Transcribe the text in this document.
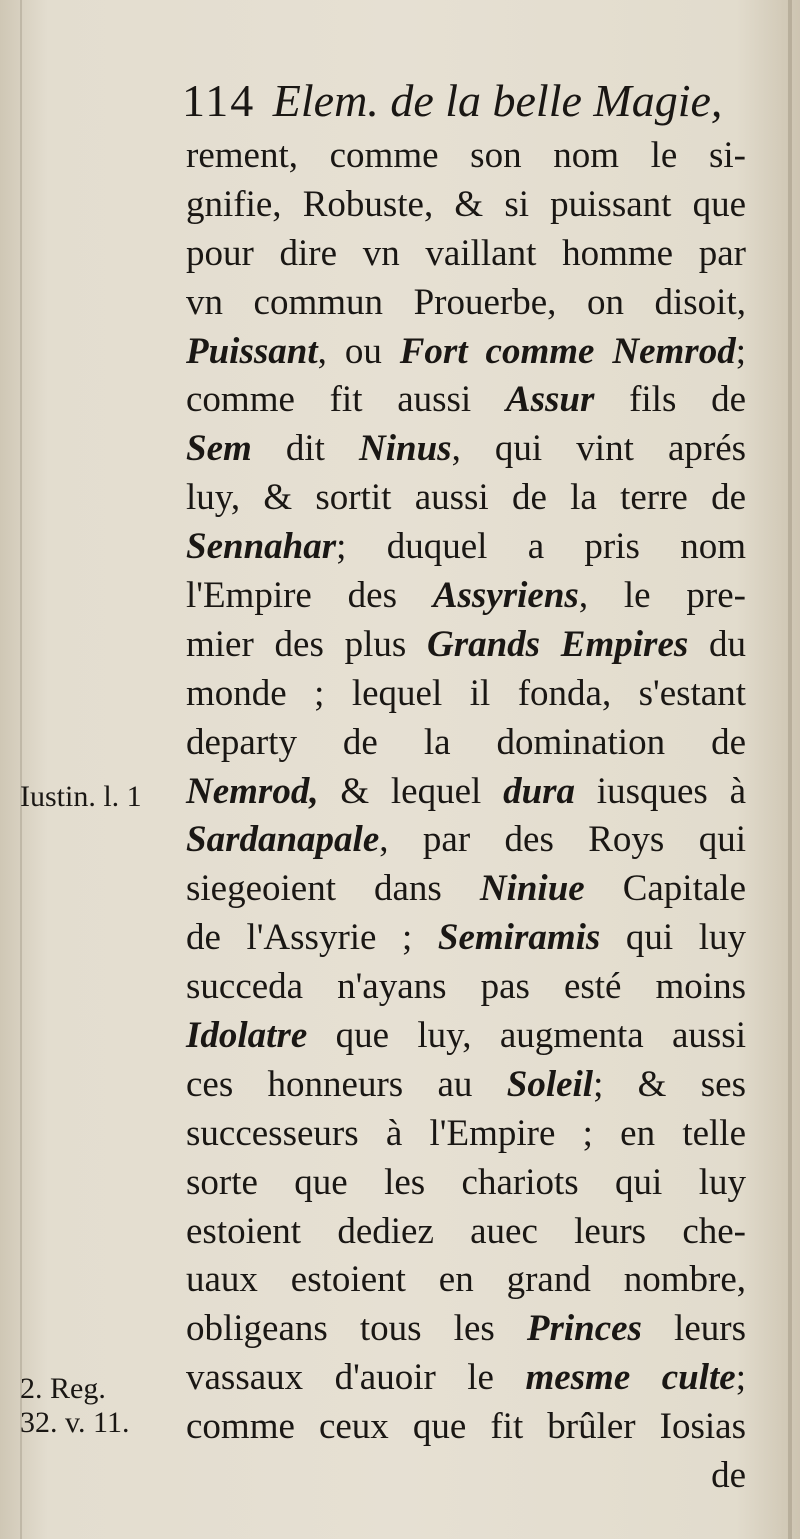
114 Elem. de la belle Magie,
rement, comme son nom le si-
gnifie, Robuste, & si puissant que
pour dire vn vaillant homme par
vn commun Prouerbe, on disoit,
Puissant, ou Fort comme Nemrod;
comme fit aussi Assur fils de
Sem dit Ninus, qui vint aprés
luy, & sortit aussi de la terre de
Sennahar; duquel a pris nom
l'Empire des Assyriens, le pre-
mier des plus Grands Empires du
monde ; lequel il fonda, s'estant
departy de la domination de
Nemrod, & lequel dura iusques à
Sardanapale, par des Roys qui
siegeoient dans Niniue Capitale
de l'Assyrie ; Semiramis qui luy
succeda n'ayans pas esté moins
Idolatre que luy, augmenta aussi
ces honneurs au Soleil; & ses
successeurs à l'Empire ; en telle
sorte que les chariots qui luy
estoient dediez auec leurs che-
uaux estoient en grand nombre,
obligeans tous les Princes leurs
vassaux d'auoir le mesme culte;
comme ceux que fit brûler Iosias
de
Iustin. l. 1
2. Reg.
32. v. 11.
